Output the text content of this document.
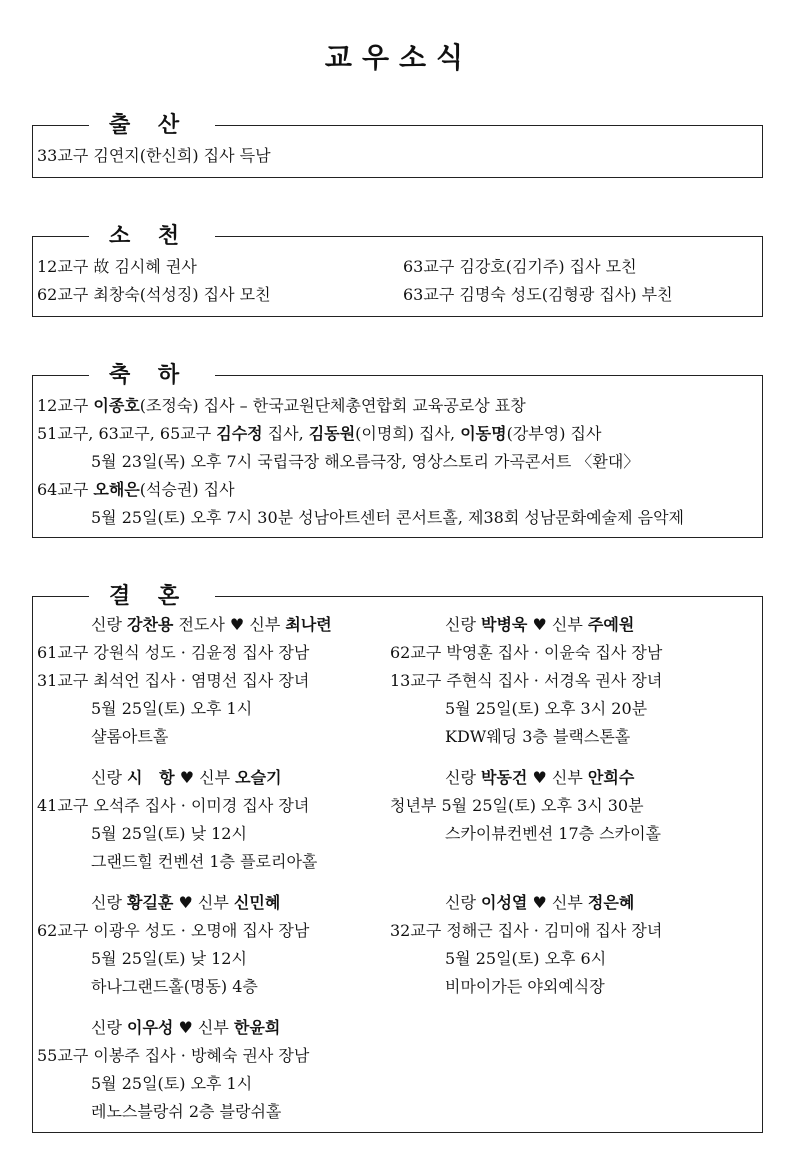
교우소식
출 산
33교구 김연지(한신희) 집사 득남
소 천
12교구 故 김시혜 권사
62교구 최창숙(석성징) 집사 모친
63교구 김강호(김기주) 집사 모친
63교구 김명숙 성도(김형광 집사) 부친
축 하
12교구 이종호(조정숙) 집사 – 한국교원단체총연합회 교육공로상 표창
51교구, 63교구, 65교구 김수정 집사, 김동원(이명희) 집사, 이동명(강부영) 집사
5월 23일(목) 오후 7시 국립극장 해오름극장, 영상스토리 가곡콘서트 〈환대〉
64교구 오해은(석승권) 집사
5월 25일(토) 오후 7시 30분 성남아트센터 콘서트홀, 제38회 성남문화예술제 음악제
결 혼
신랑 강찬용 전도사 ♥ 신부 최나련
61교구 강원식 성도 · 김윤정 집사 장남
31교구 최석언 집사 · 염명선 집사 장녀
5월 25일(토) 오후 1시
샬롬아트홀
신랑 박병욱 ♥ 신부 주예원
62교구 박영훈 집사 · 이윤숙 집사 장남
13교구 주현식 집사 · 서경옥 권사 장녀
5월 25일(토) 오후 3시 20분
KDW웨딩 3층 블랙스톤홀
신랑 시   항 ♥ 신부 오슬기
41교구 오석주 집사 · 이미경 집사 장녀
5월 25일(토) 낮 12시
그랜드힐 컨벤션 1층 플로리아홀
신랑 박동건 ♥ 신부 안희수
청년부 5월 25일(토) 오후 3시 30분
스카이뷰컨벤션 17층 스카이홀
신랑 황길훈 ♥ 신부 신민혜
62교구 이광우 성도 · 오명애 집사 장남
5월 25일(토) 낮 12시
하나그랜드홀(명동) 4층
신랑 이성열 ♥ 신부 정은혜
32교구 정해근 집사 · 김미애 집사 장녀
5월 25일(토) 오후 6시
비마이가든 야외예식장
신랑 이우성 ♥ 신부 한윤희
55교구 이봉주 집사 · 방혜숙 권사 장남
5월 25일(토) 오후 1시
레노스블랑쉬 2층 블랑쉬홀
